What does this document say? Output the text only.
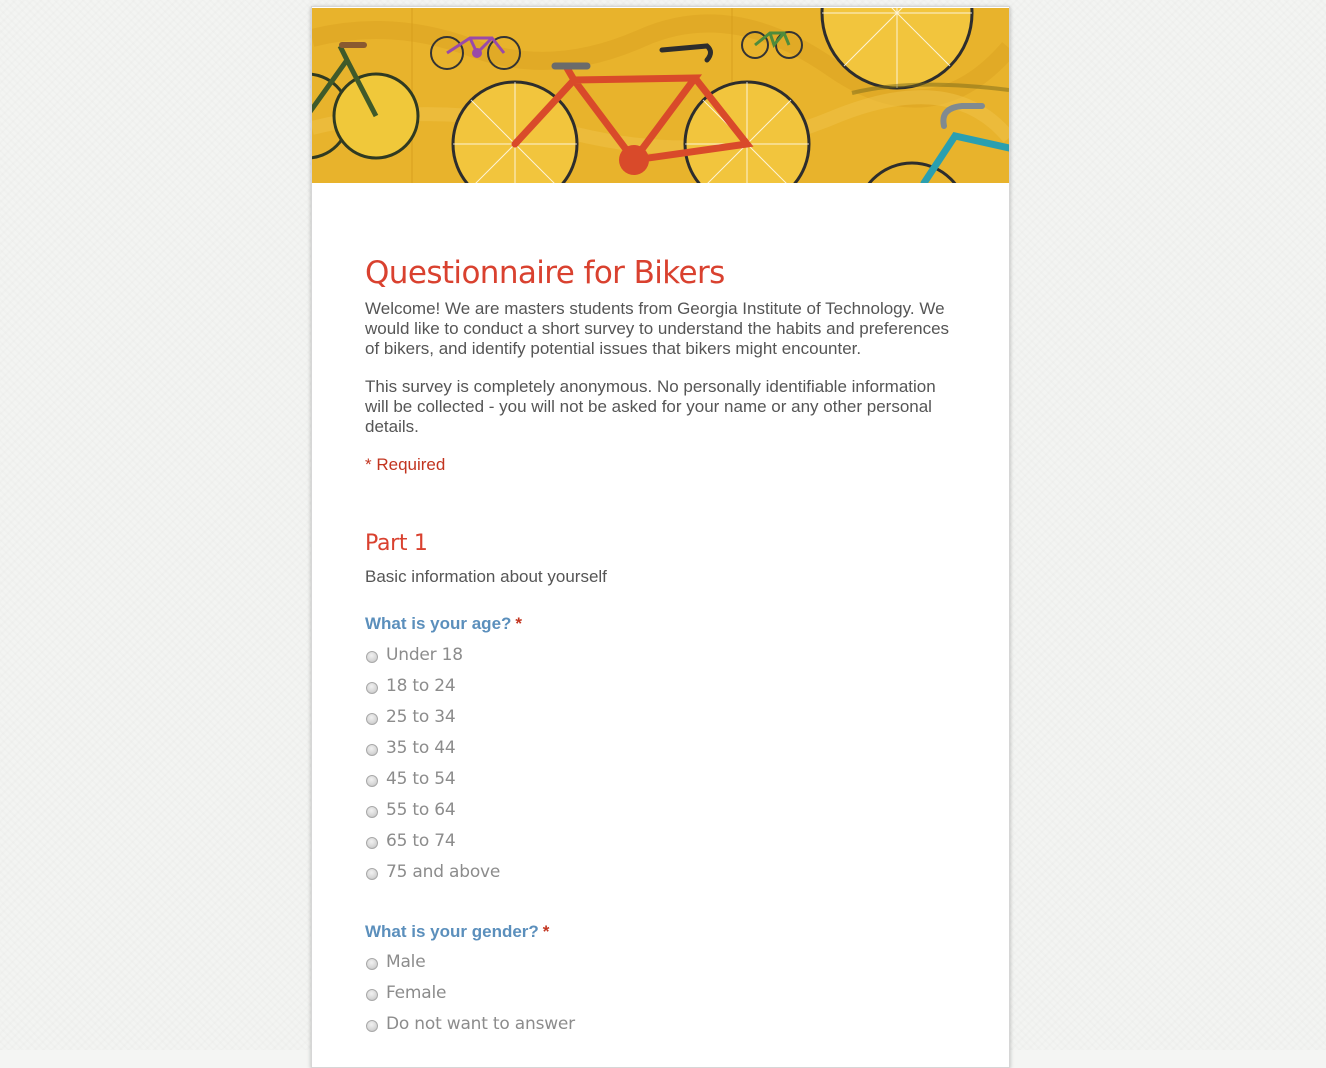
Questionnaire for Bikers

Welcome! We are masters students from Georgia Institute of Technology. We would like to conduct a short survey to understand the habits and preferences of bikers, and identify potential issues that bikers might encounter.

This survey is completely anonymous. No personally identifiable information will be collected - you will not be asked for your name or any other personal details.

* Required
Part 1
Basic information about yourself
What is your age? *
Under 18
18 to 24
25 to 34
35 to 44
45 to 54
55 to 64
65 to 74
75 and above
What is your gender? *
Male
Female
Do not want to answer
